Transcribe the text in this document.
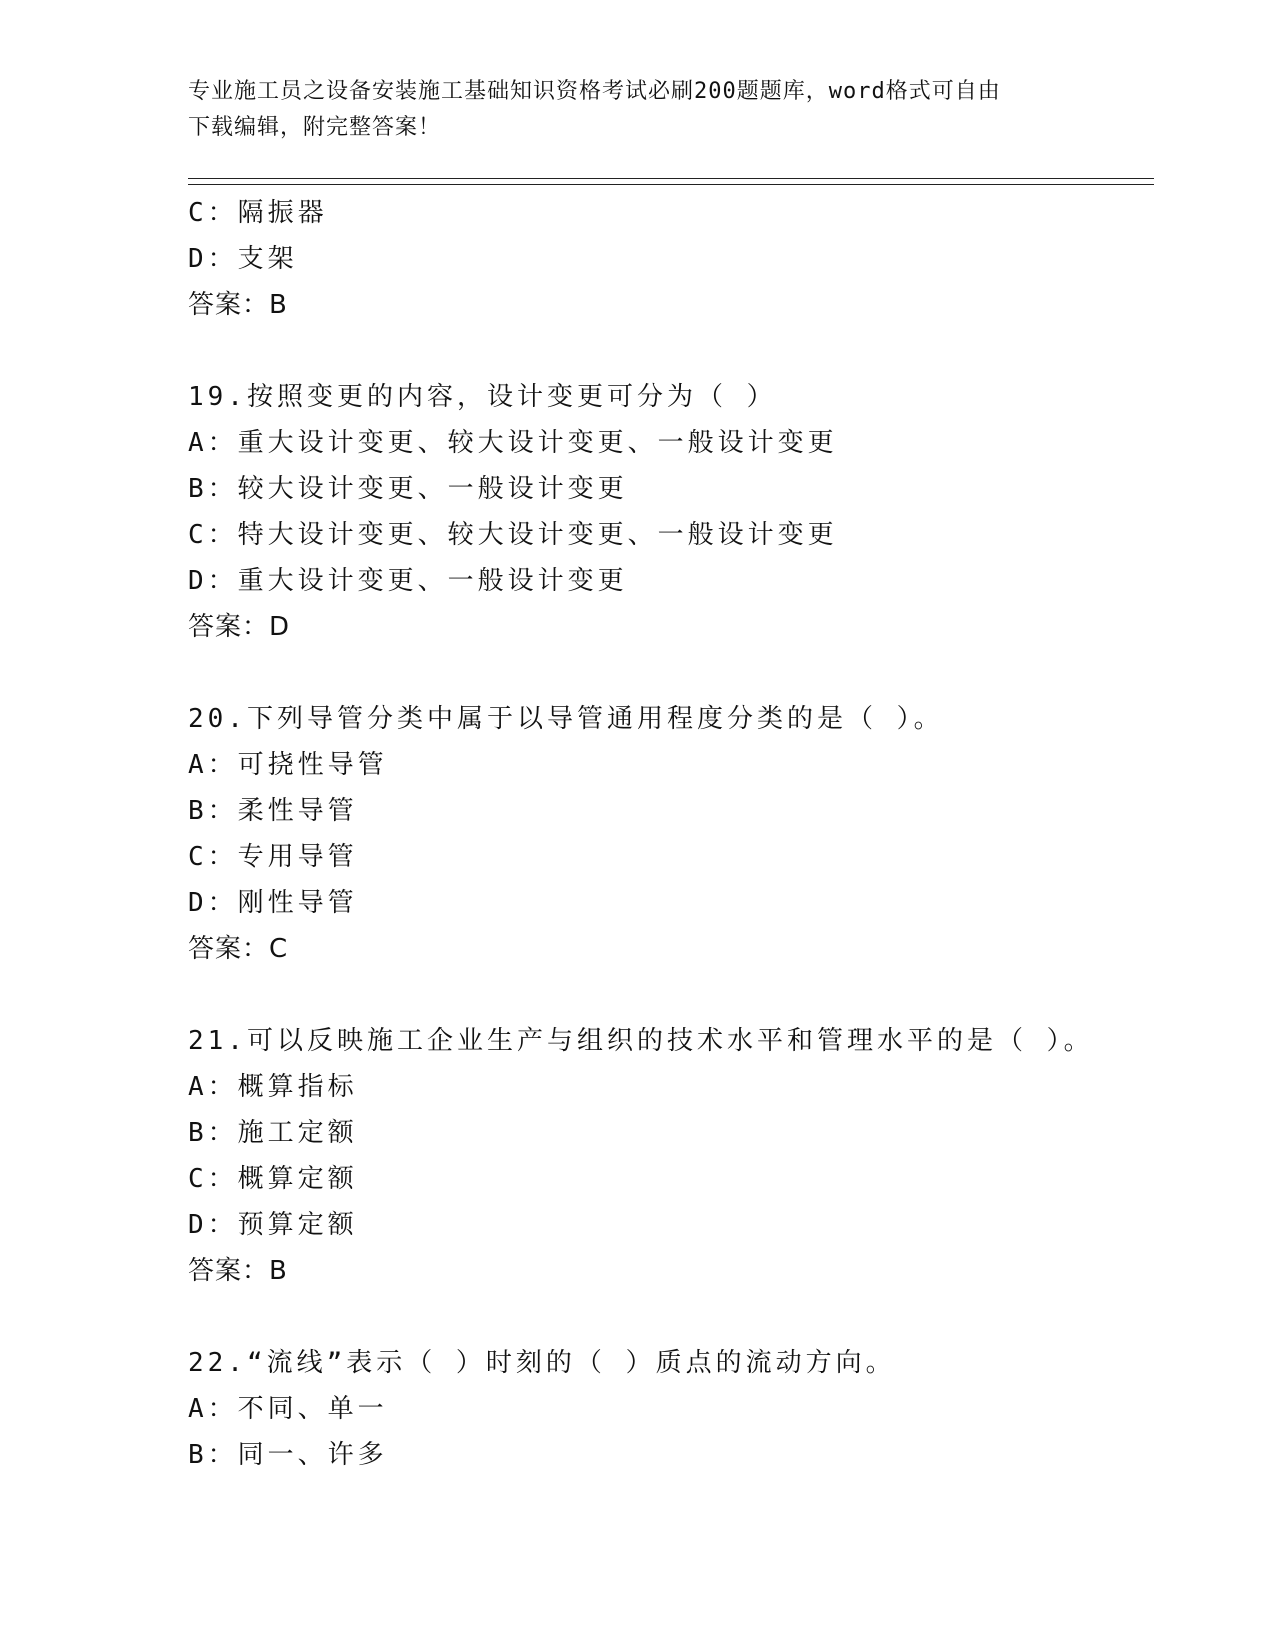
专业施工员之设备安装施工基础知识资格考试必刷200题题库，word格式可自由
下载编辑，附完整答案！
C：隔振器
D：支架
答案：B
19.按照变更的内容，设计变更可分为（ ）
A：重大设计变更、较大设计变更、一般设计变更
B：较大设计变更、一般设计变更
C：特大设计变更、较大设计变更、一般设计变更
D：重大设计变更、一般设计变更
答案：D
20.下列导管分类中属于以导管通用程度分类的是（ ）。
A：可挠性导管
B：柔性导管
C：专用导管
D：刚性导管
答案：C
21.可以反映施工企业生产与组织的技术水平和管理水平的是（ ）。
A：概算指标
B：施工定额
C：概算定额
D：预算定额
答案：B
22.“流线”表示（ ）时刻的（ ）质点的流动方向。
A：不同、单一
B：同一、许多
